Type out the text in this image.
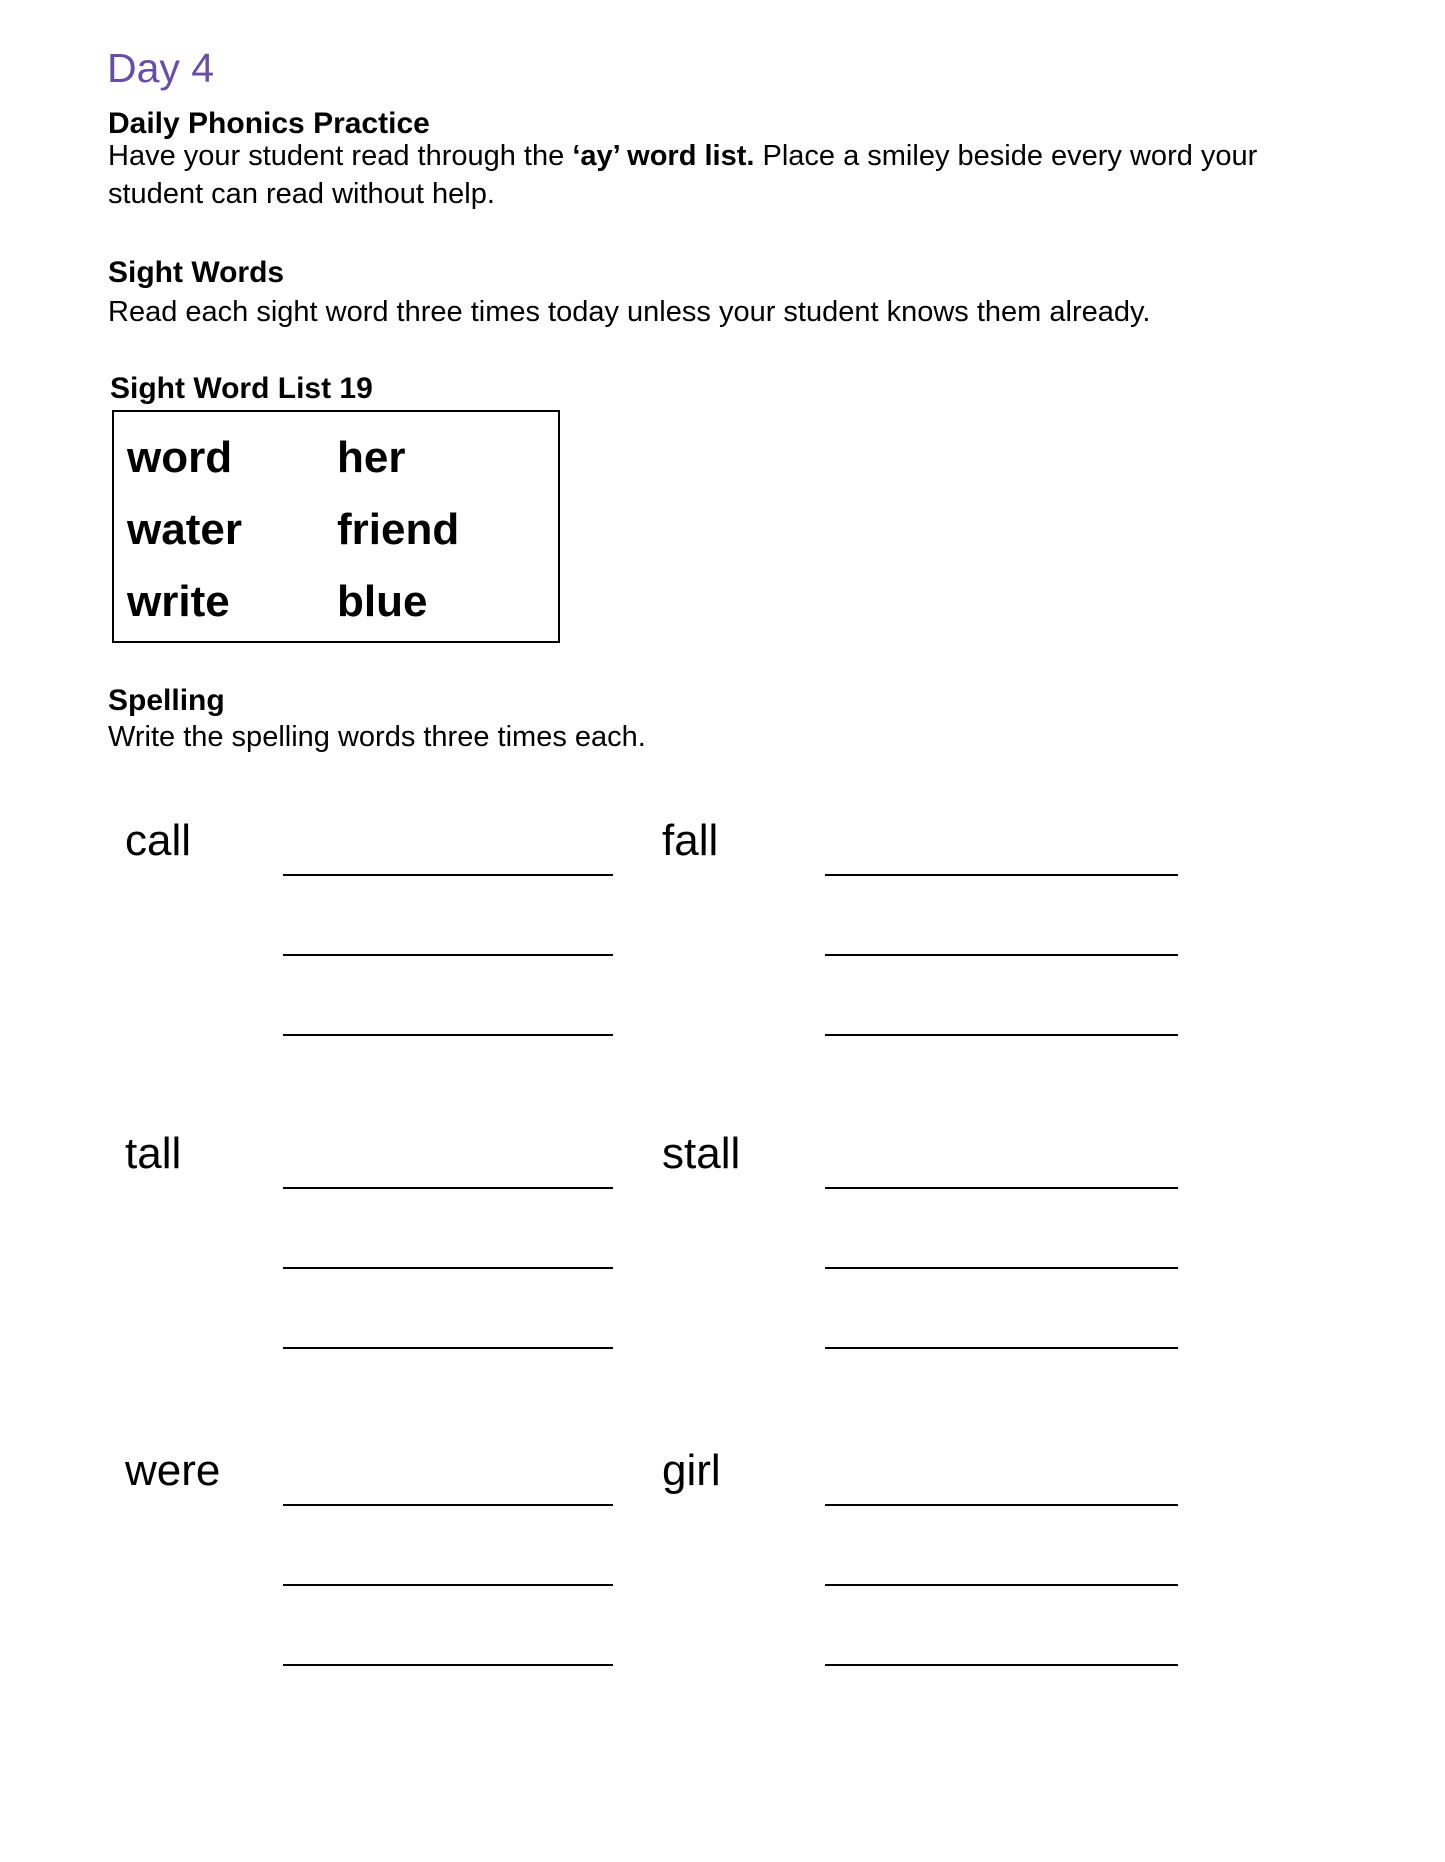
Day 4
Daily Phonics Practice

Have your student read through the ‘ay’ word list. Place a smiley beside every word your student can read without help.

Sight Words

Read each sight word three times today unless your student knows them already.

Sight Word List 19
word	her
water	friend
write	blue
Spelling

Write the spelling words three times each.

call	fall
tall	stall
were	girl
